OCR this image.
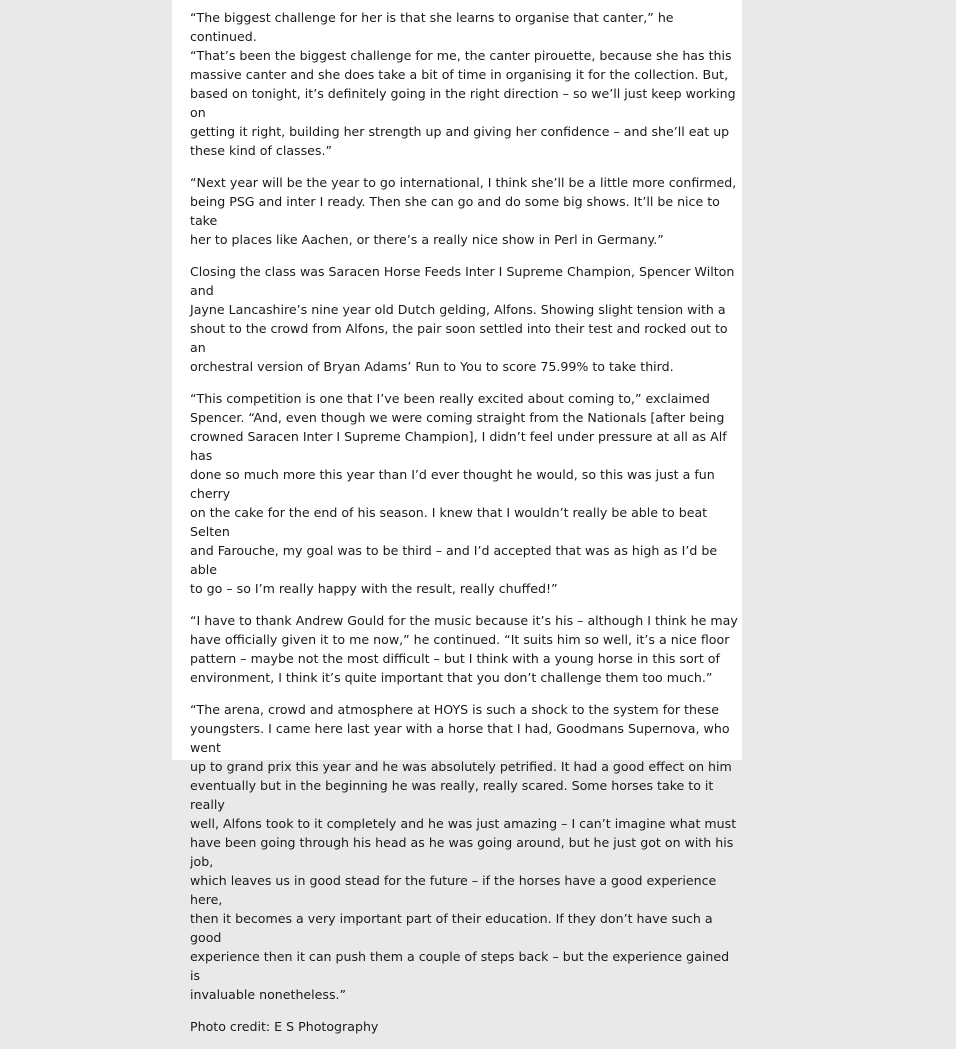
“The biggest challenge for her is that she learns to organise that canter,” he continued.
“That’s been the biggest challenge for me, the canter pirouette, because she has this
massive canter and she does take a bit of time in organising it for the collection. But,
based on tonight, it’s definitely going in the right direction – so we’ll just keep working on
getting it right, building her strength up and giving her confidence – and she’ll eat up
these kind of classes.”

“Next year will be the year to go international, I think she’ll be a little more confirmed,
being PSG and inter I ready. Then she can go and do some big shows. It’ll be nice to take
her to places like Aachen, or there’s a really nice show in Perl in Germany.”

Closing the class was Saracen Horse Feeds Inter I Supreme Champion, Spencer Wilton and
Jayne Lancashire’s nine year old Dutch gelding, Alfons. Showing slight tension with a
shout to the crowd from Alfons, the pair soon settled into their test and rocked out to an
orchestral version of Bryan Adams’ Run to You to score 75.99% to take third.

“This competition is one that I’ve been really excited about coming to,” exclaimed
Spencer. “And, even though we were coming straight from the Nationals [after being
crowned Saracen Inter I Supreme Champion], I didn’t feel under pressure at all as Alf has
done so much more this year than I’d ever thought he would, so this was just a fun cherry
on the cake for the end of his season. I knew that I wouldn’t really be able to beat Selten
and Farouche, my goal was to be third – and I’d accepted that was as high as I’d be able
to go – so I’m really happy with the result, really chuffed!”

“I have to thank Andrew Gould for the music because it’s his – although I think he may
have officially given it to me now,” he continued. “It suits him so well, it’s a nice floor
pattern – maybe not the most difficult – but I think with a young horse in this sort of
environment, I think it’s quite important that you don’t challenge them too much.”

“The arena, crowd and atmosphere at HOYS is such a shock to the system for these
youngsters. I came here last year with a horse that I had, Goodmans Supernova, who went
up to grand prix this year and he was absolutely petrified. It had a good effect on him
eventually but in the beginning he was really, really scared. Some horses take to it really
well, Alfons took to it completely and he was just amazing – I can’t imagine what must
have been going through his head as he was going around, but he just got on with his job,
which leaves us in good stead for the future – if the horses have a good experience here,
then it becomes a very important part of their education. If they don’t have such a good
experience then it can push them a couple of steps back – but the experience gained is
invaluable nonetheless.”

Photo credit: E S Photography
